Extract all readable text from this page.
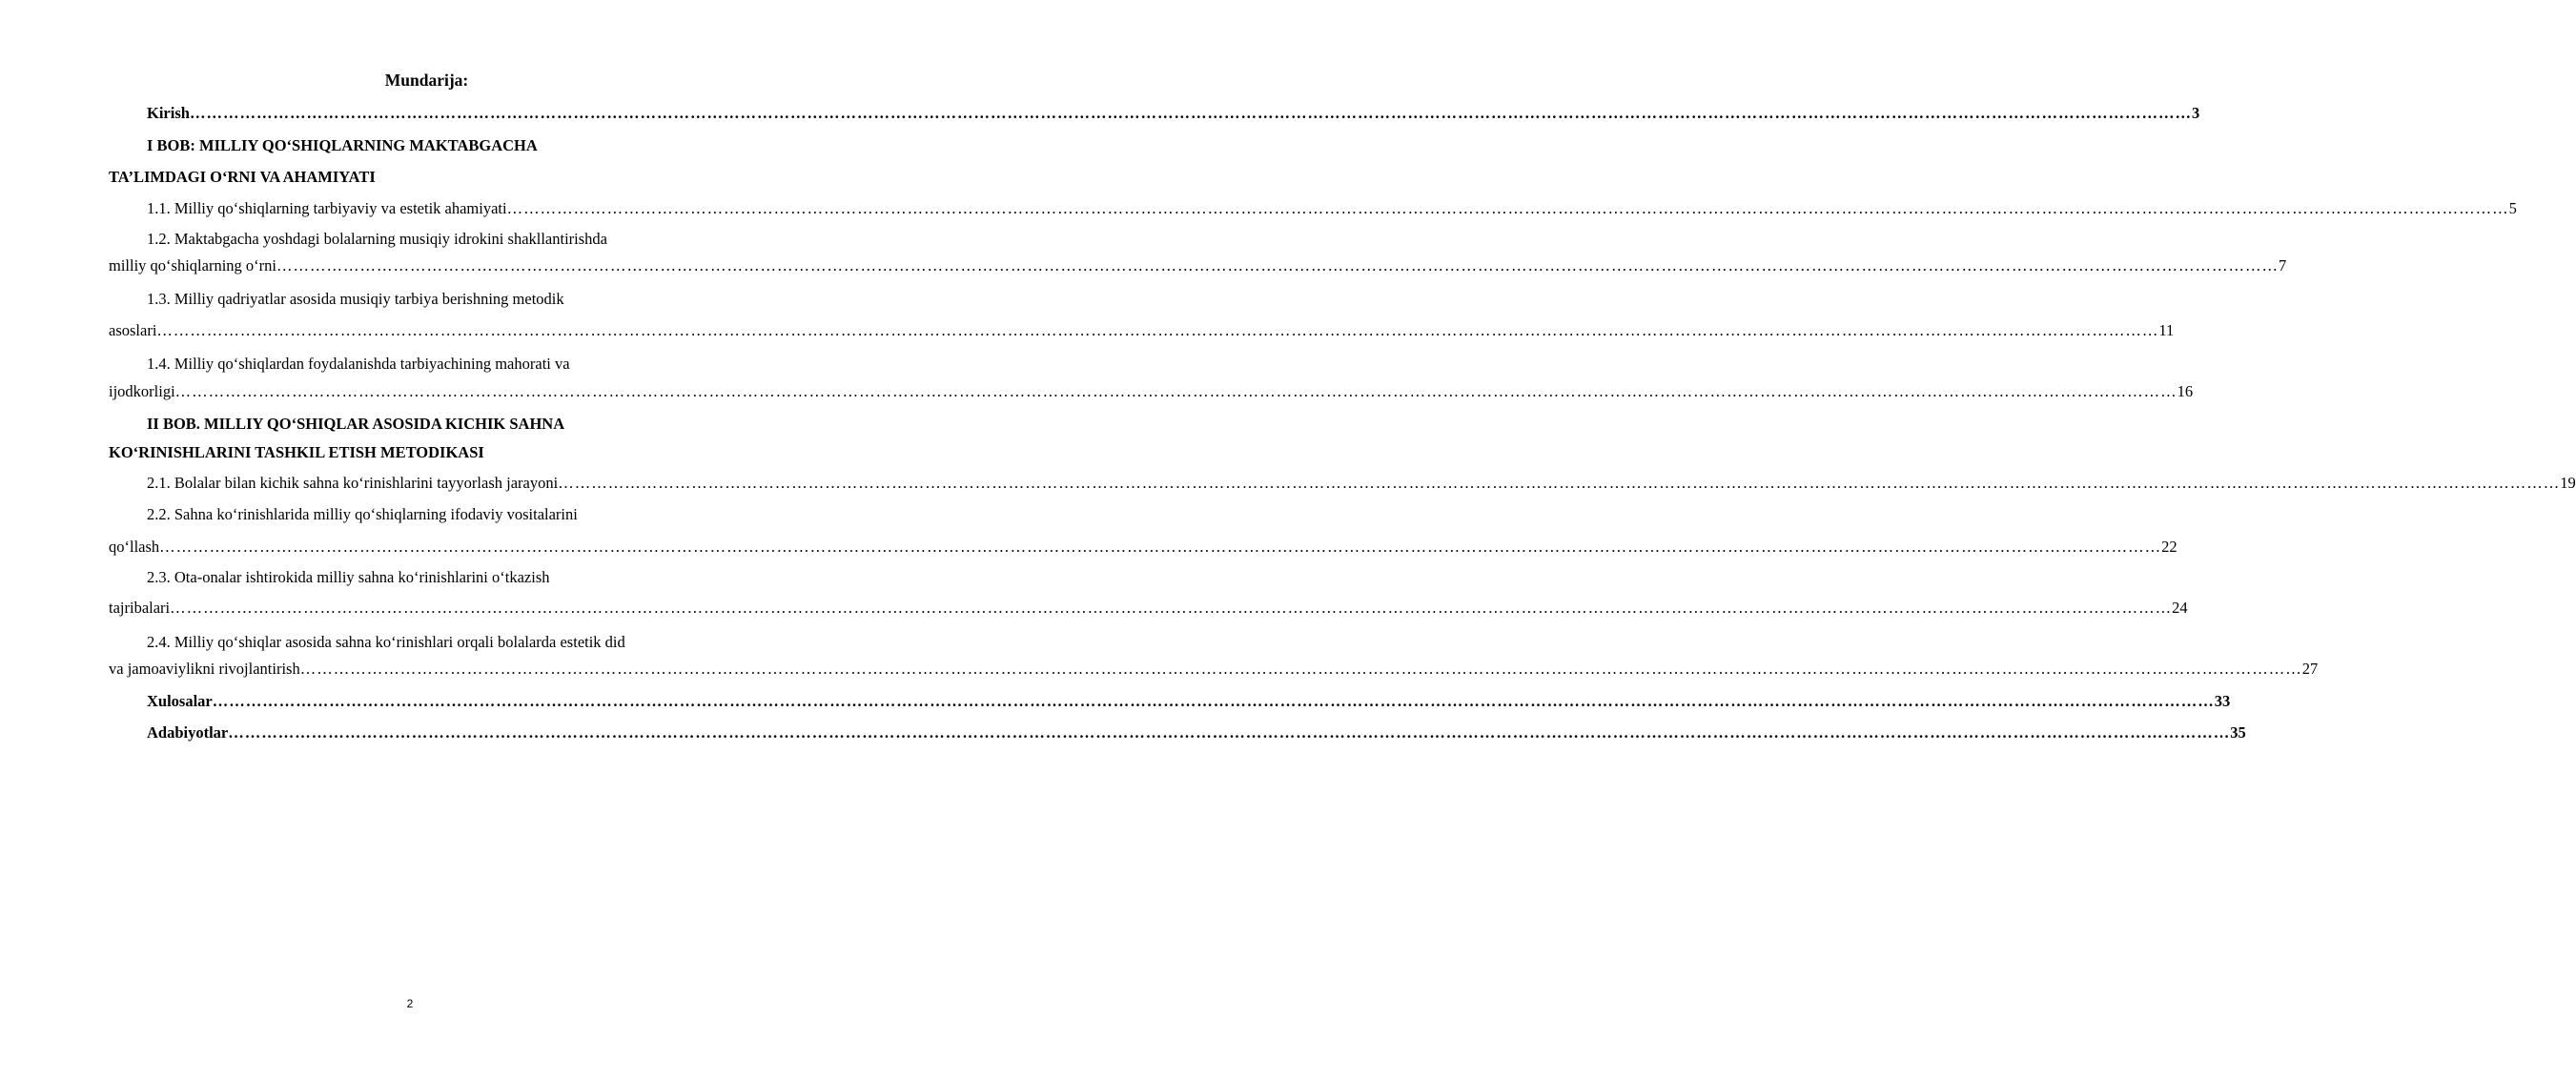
Mundarija:
Kirish ……………………………………………………………………………………………………………………………………………………………………………………………………………………………………………………………………………………………………………………………… 3
I BOB: MILLIY QO‘SHIQLARNING MAKTABGACHA
TA’LIMDAGI O‘RNI VA AHAMIYATI
1.1. Milliy qo‘shiqlarning tarbiyaviy va estetik ahamiyati ……………………………………………………………………………………………………………………………………………………………………………………………………………………………………………………………………………………………………………………………… 5
1.2. Maktabgacha yoshdagi bolalarning musiqiy idrokini shakllantirishda
milliy qo‘shiqlarning o‘rni ……………………………………………………………………………………………………………………………………………………………………………………………………………………………………………………………………………………………………………………………… 7
1.3. Milliy qadriyatlar asosida musiqiy tarbiya berishning metodik
asoslari ……………………………………………………………………………………………………………………………………………………………………………………………………………………………………………………………………………………………………………………………… 11
1.4. Milliy qo‘shiqlardan foydalanishda tarbiyachining mahorati va
ijodkorligi ……………………………………………………………………………………………………………………………………………………………………………………………………………………………………………………………………………………………………………………………… 16
II BOB. MILLIY QO‘SHIQLAR ASOSIDA KICHIK SAHNA
KO‘RINISHLARINI TASHKIL ETISH METODIKASI
2.1. Bolalar bilan kichik sahna ko‘rinishlarini tayyorlash jarayoni ……………………………………………………………………………………………………………………………………………………………………………………………………………………………………………………………………………………………………………………………… 19
2.2. Sahna ko‘rinishlarida milliy qo‘shiqlarning ifodaviy vositalarini
qo‘llash ……………………………………………………………………………………………………………………………………………………………………………………………………………………………………………………………………………………………………………………………… 22
2.3. Ota-onalar ishtirokida milliy sahna ko‘rinishlarini o‘tkazish
tajribalari ……………………………………………………………………………………………………………………………………………………………………………………………………………………………………………………………………………………………………………………………… 24
2.4. Milliy qo‘shiqlar asosida sahna ko‘rinishlari orqali bolalarda estetik did
va jamoaviylikni rivojlantirish ……………………………………………………………………………………………………………………………………………………………………………………………………………………………………………………………………………………………………………………………… 27
Xulosalar ……………………………………………………………………………………………………………………………………………………………………………………………………………………………………………………………………………………………………………………………… 33
Adabiyotlar ……………………………………………………………………………………………………………………………………………………………………………………………………………………………………………………………………………………………………………………………… 35
2
